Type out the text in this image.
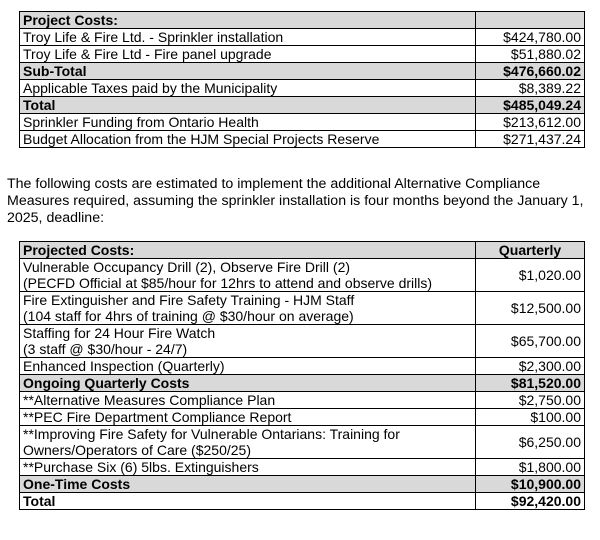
Project Costs:	
Troy Life & Fire Ltd. - Sprinkler installation	$424,780.00
Troy Life & Fire Ltd - Fire panel upgrade	$51,880.02
Sub-Total	$476,660.02
Applicable Taxes paid by the Municipality	$8,389.22
Total	$485,049.24
Sprinkler Funding from Ontario Health	$213,612.00
Budget Allocation from the HJM Special Projects Reserve	$271,437.24

The following costs are estimated to implement the additional Alternative Compliance Measures required, assuming the sprinkler installation is four months beyond the January 1, 2025, deadline:

Projected Costs:	Quarterly

Vulnerable Occupancy Drill (2), Observe Fire Drill (2)
(PECFD Official at $85/hour for 12hrs to attend and observe drills)	$1,020.00

Fire Extinguisher and Fire Safety Training - HJM Staff
(104 staff for 4hrs of training @ $30/hour on average)	$12,500.00

Staffing for 24 Hour Fire Watch
(3 staff @ $30/hour - 24/7)	$65,700.00

Enhanced Inspection (Quarterly)	$2,300.00

Ongoing Quarterly Costs	$81,520.00

**Alternative Measures Compliance Plan	$2,750.00

**PEC Fire Department Compliance Report	$100.00

**Improving Fire Safety for Vulnerable Ontarians: Training for
Owners/Operators of Care ($250/25)	$6,250.00

**Purchase Six (6) 5lbs. Extinguishers	$1,800.00

One-Time Costs	$10,900.00

Total	$92,420.00
